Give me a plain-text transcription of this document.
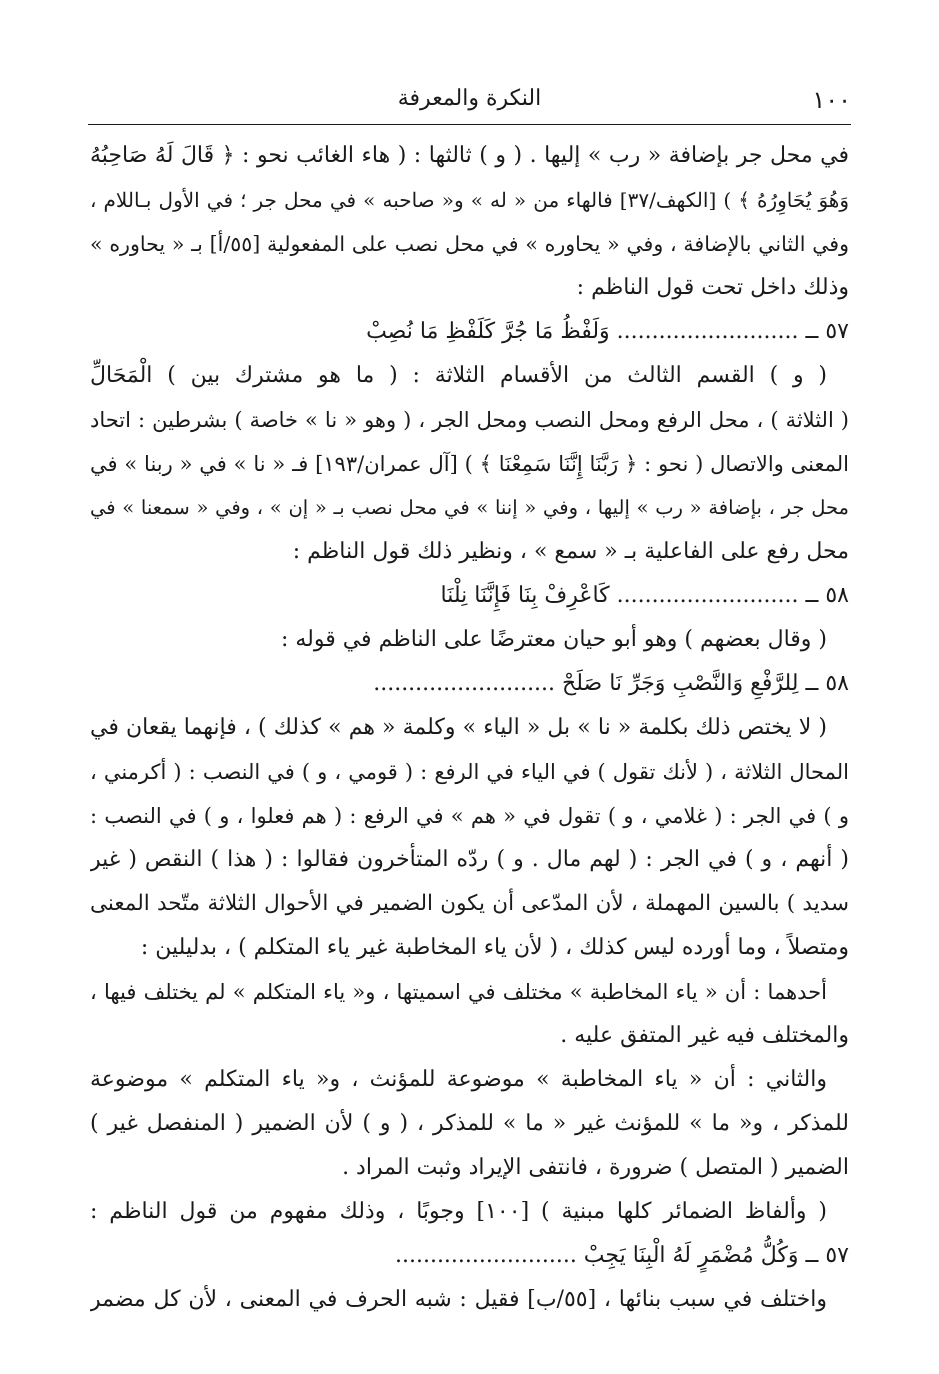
١٠٠
النكرة والمعرفة
في محل جر بإضافة « رب » إليها . ( و ) ثالثها : ( هاء الغائب نحو : ﴿ قَالَ لَهُ صَاحِبُهُ
وَهُوَ يُحَاوِرُهُ ﴾ ) [الكهف/٣٧] فالهاء من « له » و« صاحبه » في محل جر ؛ في الأول بـاللام ،
وفي الثاني بالإضافة ، وفي « يحاوره » في محل نصب على المفعولية [٥٥/أ] بـ « يحاوره »
وذلك داخل تحت قول الناظم :
٥٧ ــ .......................... وَلَفْظُ مَا جُرَّ كَلَفْظِ مَا نُصِبْ
( و ) القسم الثالث من الأقسام الثلاثة : ( ما هو مشترك بين ) الْمَحَالِّ
( الثلاثة ) ، محل الرفع ومحل النصب ومحل الجر ، ( وهو « نا » خاصة ) بشرطين : اتحاد
المعنى والاتصال ( نحو : ﴿ رَبَّنَا إِنَّنَا سَمِعْنَا ﴾ ) [آل عمران/١٩٣] فـ « نا » في « ربنا » في
محل جر ، بإضافة « رب » إليها ، وفي « إننا » في محل نصب بـ « إن » ، وفي « سمعنا » في
محل رفع على الفاعلية بـ « سمع » ، ونظير ذلك قول الناظم :
٥٨ ــ .......................... كَاعْرِفْ بِنَا فَإِنَّنَا نِلْنَا
( وقال بعضهم ) وهو أبو حيان معترضًا على الناظم في قوله :
٥٨ ــ لِلرَّفْعِ وَالنَّصْبِ وَجَرِّ نَا صَلَحْ ..........................
( لا يختص ذلك بكلمة « نا » بل « الياء » وكلمة « هم » كذلك ) ، فإنهما يقعان في
المحال الثلاثة ، ( لأنك تقول ) في الياء في الرفع : ( قومي ، و ) في النصب : ( أكرمني ،
و ) في الجر : ( غلامي ، و ) تقول في « هم » في الرفع : ( هم فعلوا ، و ) في النصب :
( أنهم ، و ) في الجر : ( لهم مال . و ) ردّه المتأخرون فقالوا : ( هذا ) النقص ( غير
سديد ) بالسين المهملة ، لأن المدّعى أن يكون الضمير في الأحوال الثلاثة متّحد المعنى
ومتصلاً ، وما أورده ليس كذلك ، ( لأن ياء المخاطبة غير ياء المتكلم ) ، بدليلين :
أحدهما : أن « ياء المخاطبة » مختلف في اسميتها ، و« ياء المتكلم » لم يختلف فيها ،
والمختلف فيه غير المتفق عليه .
والثاني : أن « ياء المخاطبة » موضوعة للمؤنث ، و« ياء المتكلم » موضوعة
للمذكر ، و« ما » للمؤنث غير « ما » للمذكر ، ( و ) لأن الضمير ( المنفصل غير )
الضمير ( المتصل ) ضرورة ، فانتفى الإيراد وثبت المراد .
( وألفاظ الضمائر كلها مبنية ) [١٠٠] وجوبًا ، وذلك مفهوم من قول الناظم :
٥٧ ــ وَكُلُّ مُضْمَرٍ لَهُ الْبِنَا يَجِبْ ..........................
واختلف في سبب بنائها ، [٥٥/ب] فقيل : شبه الحرف في المعنى ، لأن كل مضمر
